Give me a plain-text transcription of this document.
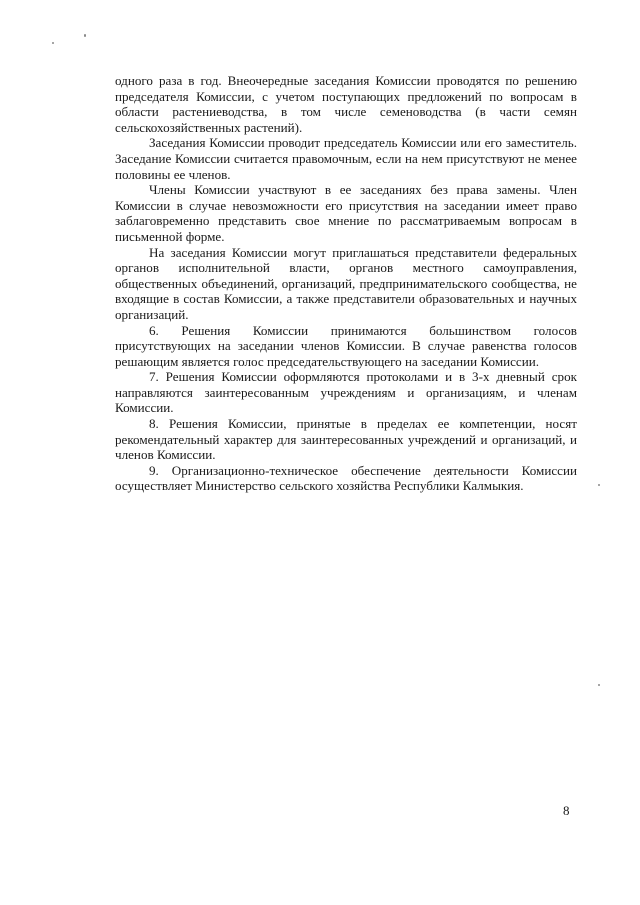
одного раза в год. Внеочередные заседания Комиссии проводятся по решению председателя Комиссии, с учетом поступающих предложений по вопросам в области растениеводства, в том числе семеноводства (в части семян сельскохозяйственных растений).

Заседания Комиссии проводит председатель Комиссии или его заместитель. Заседание Комиссии считается правомочным, если на нем присутствуют не менее половины ее членов.

Члены Комиссии участвуют в ее заседаниях без права замены. Член Комиссии в случае невозможности его присутствия на заседании имеет право заблаговременно представить свое мнение по рассматриваемым вопросам в письменной форме.

На заседания Комиссии могут приглашаться представители федеральных органов исполнительной власти, органов местного самоуправления, общественных объединений, организаций, предпринимательского сообщества, не входящие в состав Комиссии, а также представители образовательных и научных организаций.

6. Решения Комиссии принимаются большинством голосов присутствующих на заседании членов Комиссии. В случае равенства голосов решающим является голос председательствующего на заседании Комиссии.

7. Решения Комиссии оформляются протоколами и в 3-х дневный срок направляются заинтересованным учреждениям и организациям, и членам Комиссии.

8. Решения Комиссии, принятые в пределах ее компетенции, носят рекомендательный характер для заинтересованных учреждений и организаций, и членов Комиссии.

9. Организационно-техническое обеспечение деятельности Комиссии осуществляет Министерство сельского хозяйства Республики Калмыкия.

8
